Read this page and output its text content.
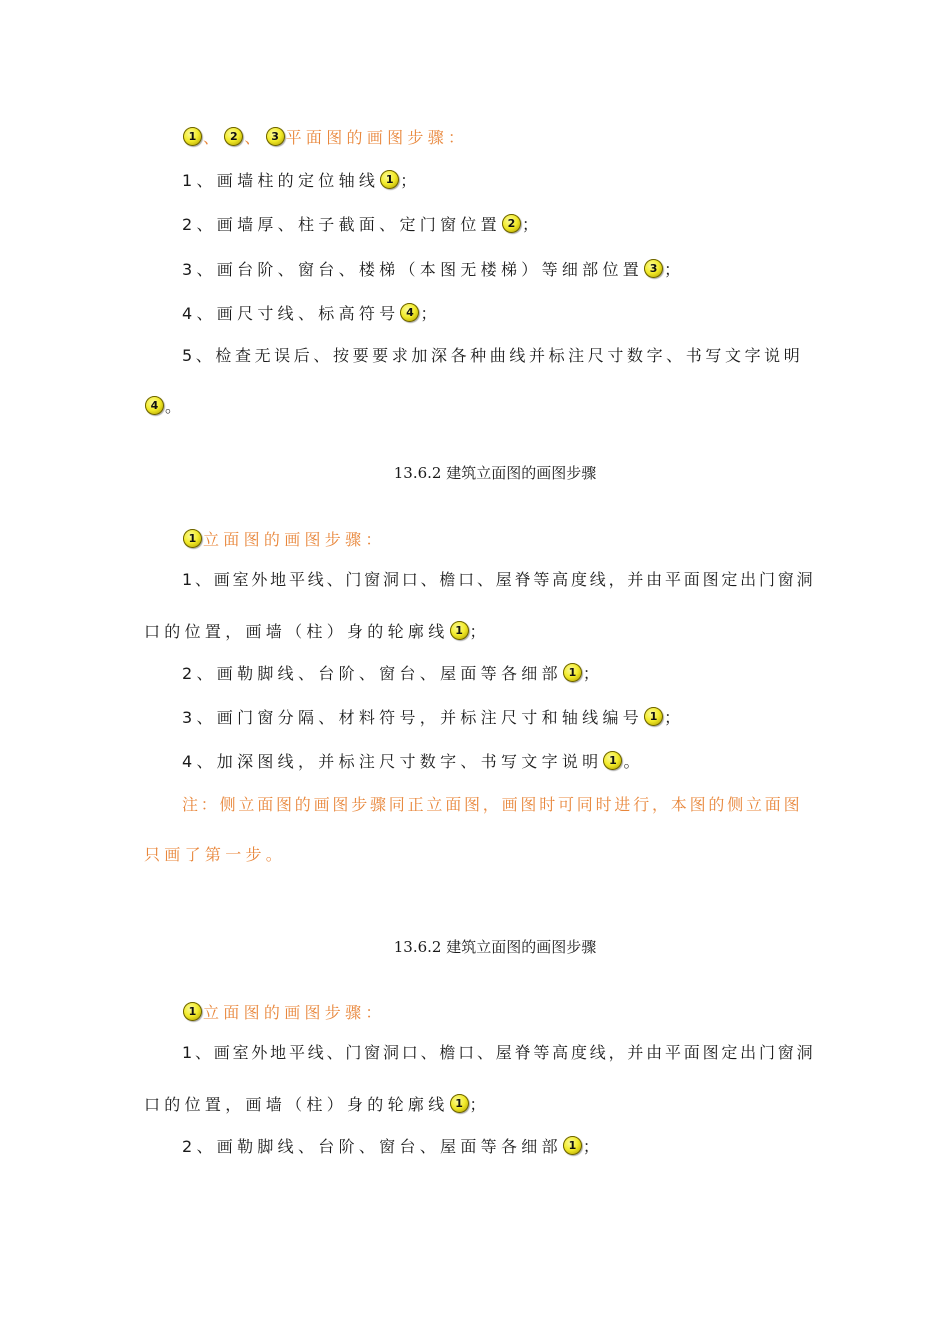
1 、 2 、 3 平面图的画图步骤：
1、画墙柱的定位轴线 1 ；
2、画墙厚、柱子截面、定门窗位置 2 ；
3、画台阶、窗台、楼梯（本图无楼梯）等细部位置 3 ；
4、画尺寸线、标高符号 4 ；
5、检查无误后、按要要求加深各种曲线并标注尺寸数字、书写文字说明
4 。
13.6.2 建筑立面图的画图步骤
1 立面图的画图步骤：
1、画室外地平线、门窗洞口、檐口、屋脊等高度线，并由平面图定出门窗洞
口的位置，画墙（柱）身的轮廓线 1 ；
2、画勒脚线、台阶、窗台、屋面等各细部 1 ；
3、画门窗分隔、材料符号，并标注尺寸和轴线编号 1 ；
4、加深图线，并标注尺寸数字、书写文字说明 1 。
注：侧立面图的画图步骤同正立面图，画图时可同时进行，本图的侧立面图
只画了第一步。
13.6.2 建筑立面图的画图步骤
1 立面图的画图步骤：
1、画室外地平线、门窗洞口、檐口、屋脊等高度线，并由平面图定出门窗洞
口的位置，画墙（柱）身的轮廓线 1 ；
2、画勒脚线、台阶、窗台、屋面等各细部 1 ；
